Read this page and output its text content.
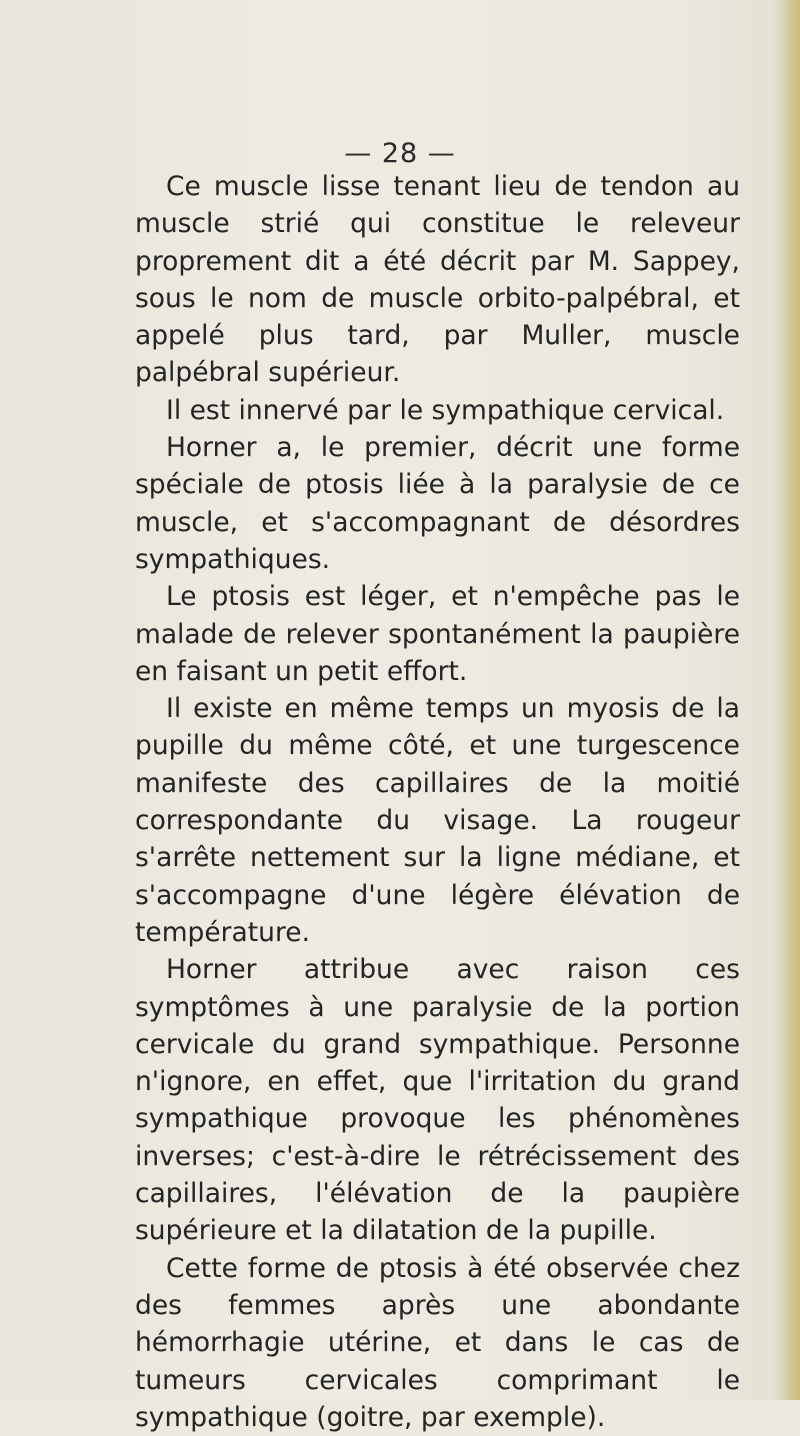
— 28 —

Ce muscle lisse tenant lieu de tendon au muscle strié qui constitue le releveur proprement dit a été décrit par M. Sappey, sous le nom de muscle orbito-palpébral, et appelé plus tard, par Muller, muscle palpébral supérieur.

Il est innervé par le sympathique cervical.

Horner a, le premier, décrit une forme spéciale de ptosis liée à la paralysie de ce muscle, et s'accompagnant de désordres sympathiques.

Le ptosis est léger, et n'empêche pas le malade de relever spontanément la paupière en faisant un petit effort.

Il existe en même temps un myosis de la pupille du même côté, et une turgescence manifeste des capillaires de la moitié correspondante du visage. La rougeur s'arrête nettement sur la ligne médiane, et s'accompagne d'une légère élévation de température.

Horner attribue avec raison ces symptômes à une paralysie de la portion cervicale du grand sympathique. Personne n'ignore, en effet, que l'irritation du grand sympathique provoque les phénomènes inverses; c'est-à-dire le rétrécissement des capillaires, l'élévation de la paupière supérieure et la dilatation de la pupille.

Cette forme de ptosis à été observée chez des femmes après une abondante hémorrhagie utérine, et dans le cas de tumeurs cervicales comprimant le sympathique (goitre, par exemple).
